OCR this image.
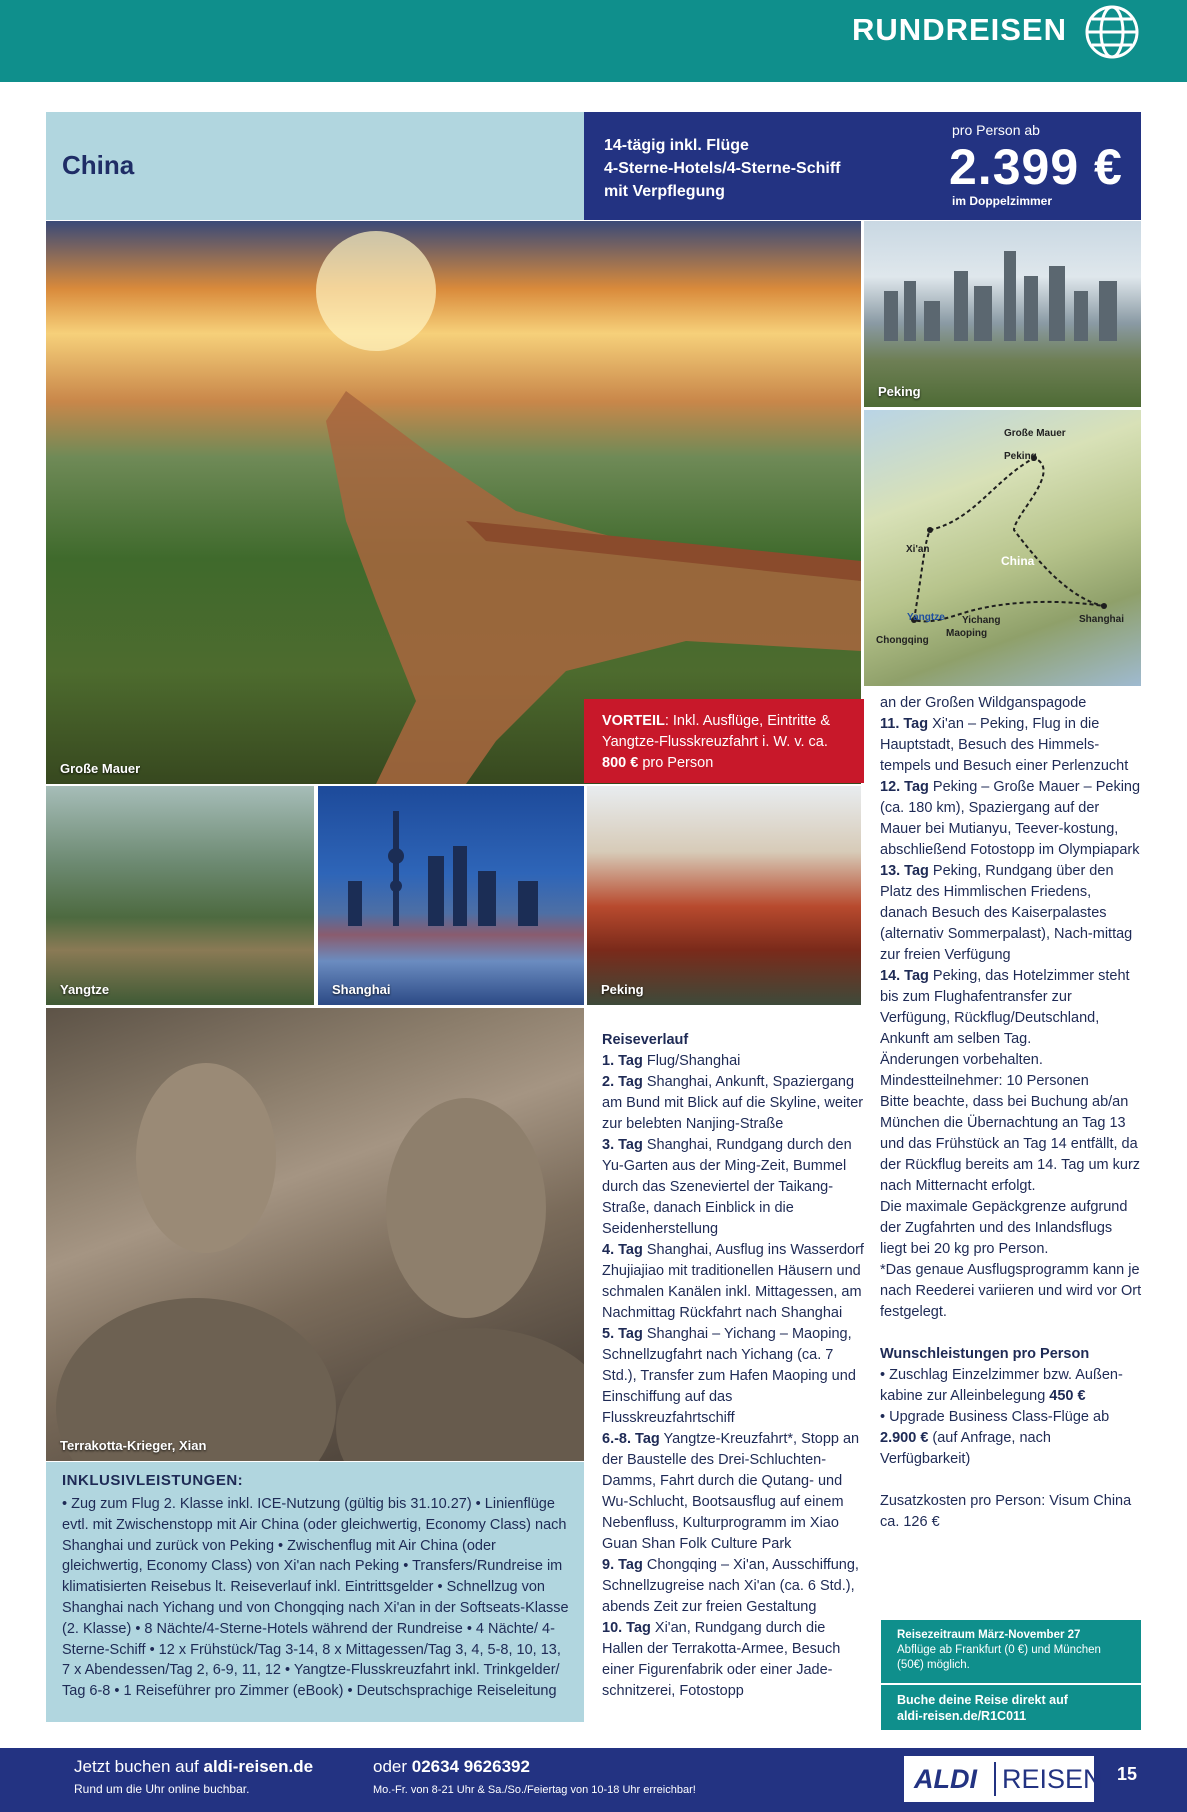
RUNDREISEN
China
14-tägig inkl. Flüge
4-Sterne-Hotels/4-Sterne-Schiff
mit Verpflegung
pro Person ab
2.399 €
im Doppelzimmer
Große Mauer
Peking
Große Mauer
Peking
Xi'an
China
Yangtze Yichang
Maoping
Chongqing
Shanghai
VORTEIL: Inkl. Ausflüge, Eintritte & Yangtze-Flusskreuzfahrt i. W. v. ca. 800 € pro Person
Yangtze	Shanghai	Peking
Terrakotta-Krieger, Xian
INKLUSIVLEISTUNGEN:
• Zug zum Flug 2. Klasse inkl. ICE-Nutzung (gültig bis 31.10.27) • Linienflüge evtl. mit Zwischenstopp mit Air China (oder gleichwertig, Economy Class) nach Shanghai und zurück von Peking • Zwischenflug mit Air China (oder gleichwertig, Economy Class) von Xi'an nach Peking • Transfers/Rundreise im klimatisierten Reisebus lt. Reiseverlauf inkl. Eintrittsgelder • Schnellzug von Shanghai nach Yichang und von Chongqing nach Xi'an in der Softseats-Klasse (2. Klasse) • 8 Nächte/4-Sterne-Hotels während der Rundreise • 4 Nächte/ 4-Sterne-Schiff • 12 x Frühstück/Tag 3-14, 8 x Mittagessen/Tag 3, 4, 5-8, 10, 13, 7 x Abendessen/Tag 2, 6-9, 11, 12 • Yangtze-Flusskreuzfahrt inkl. Trinkgelder/ Tag 6-8 • 1 Reiseführer pro Zimmer (eBook) • Deutschsprachige Reiseleitung
Reiseverlauf
1. Tag Flug/Shanghai
2. Tag Shanghai, Ankunft, Spaziergang am Bund mit Blick auf die Skyline, weiter zur belebten Nanjing-Straße
3. Tag Shanghai, Rundgang durch den Yu-Garten aus der Ming-Zeit, Bummel durch das Szeneviertel der Taikang-Straße, danach Einblick in die Seidenherstellung
4. Tag Shanghai, Ausflug ins Wasserdorf Zhujiajiao mit traditionellen Häusern und schmalen Kanälen inkl. Mittagessen, am Nachmittag Rückfahrt nach Shanghai
5. Tag Shanghai – Yichang – Maoping, Schnellzugfahrt nach Yichang (ca. 7 Std.), Transfer zum Hafen Maoping und Einschiffung auf das Flusskreuzfahrtschiff
6.-8. Tag Yangtze-Kreuzfahrt*, Stopp an der Baustelle des Drei-Schluchten-Damms, Fahrt durch die Qutang- und Wu-Schlucht, Bootsausflug auf einem Nebenfluss, Kulturprogramm im Xiao Guan Shan Folk Culture Park
9. Tag Chongqing – Xi'an, Ausschiffung, Schnellzugreise nach Xi'an (ca. 6 Std.), abends Zeit zur freien Gestaltung
10. Tag Xi'an, Rundgang durch die Hallen der Terrakotta-Armee, Besuch einer Figurenfabrik oder einer Jade-schnitzerei, Fotostopp
an der Großen Wildganspagode
11. Tag Xi'an – Peking, Flug in die Hauptstadt, Besuch des Himmels-tempels und Besuch einer Perlenzucht
12. Tag Peking – Große Mauer – Peking (ca. 180 km), Spaziergang auf der Mauer bei Mutianyu, Teever-kostung, abschließend Fotostopp im Olympiapark
13. Tag Peking, Rundgang über den Platz des Himmlischen Friedens, danach Besuch des Kaiserpalastes (alternativ Sommerpalast), Nach-mittag zur freien Verfügung
14. Tag Peking, das Hotelzimmer steht bis zum Flughafentransfer zur Verfügung, Rückflug/Deutschland, Ankunft am selben Tag.
Änderungen vorbehalten.
Mindestteilnehmer: 10 Personen
Bitte beachte, dass bei Buchung ab/an München die Übernachtung an Tag 13 und das Frühstück an Tag 14 entfällt, da der Rückflug bereits am 14. Tag um kurz nach Mitternacht erfolgt.
Die maximale Gepäckgrenze aufgrund der Zugfahrten und des Inlandsflugs liegt bei 20 kg pro Person.
*Das genaue Ausflugsprogramm kann je nach Reederei variieren und wird vor Ort festgelegt.
Wunschleistungen pro Person
• Zuschlag Einzelzimmer bzw. Außen-kabine zur Alleinbelegung 450 €
• Upgrade Business Class-Flüge ab 2.900 € (auf Anfrage, nach Verfügbarkeit)
Zusatzkosten pro Person: Visum China ca. 126 €
Reisezeitraum März-November 27
Abflüge ab Frankfurt (0 €) und München
(50€) möglich.
Buche deine Reise direkt auf
aldi-reisen.de/R1C011
Jetzt buchen auf aldi-reisen.de
Rund um die Uhr online buchbar.
oder 02634 9626392
Mo.-Fr. von 8-21 Uhr & Sa./So./Feiertag von 10-18 Uhr erreichbar!	ALDI REISEN 15
